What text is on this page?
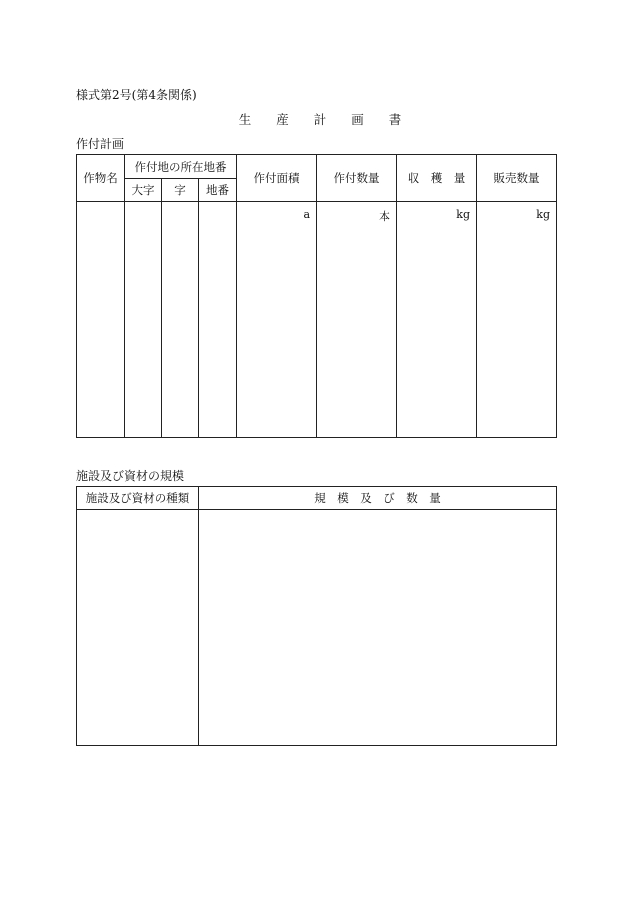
様式第2号(第4条関係)
生　　産　　計　　画　　書
作付計画
作物名	作付地の所在地番			作付面積	作付数量	収　穫　量	販売数量
	大字	字	地番				
				a	本	kg	kg
施設及び資材の規模
施設及び資材の種類	規　模　及　び　数　量
